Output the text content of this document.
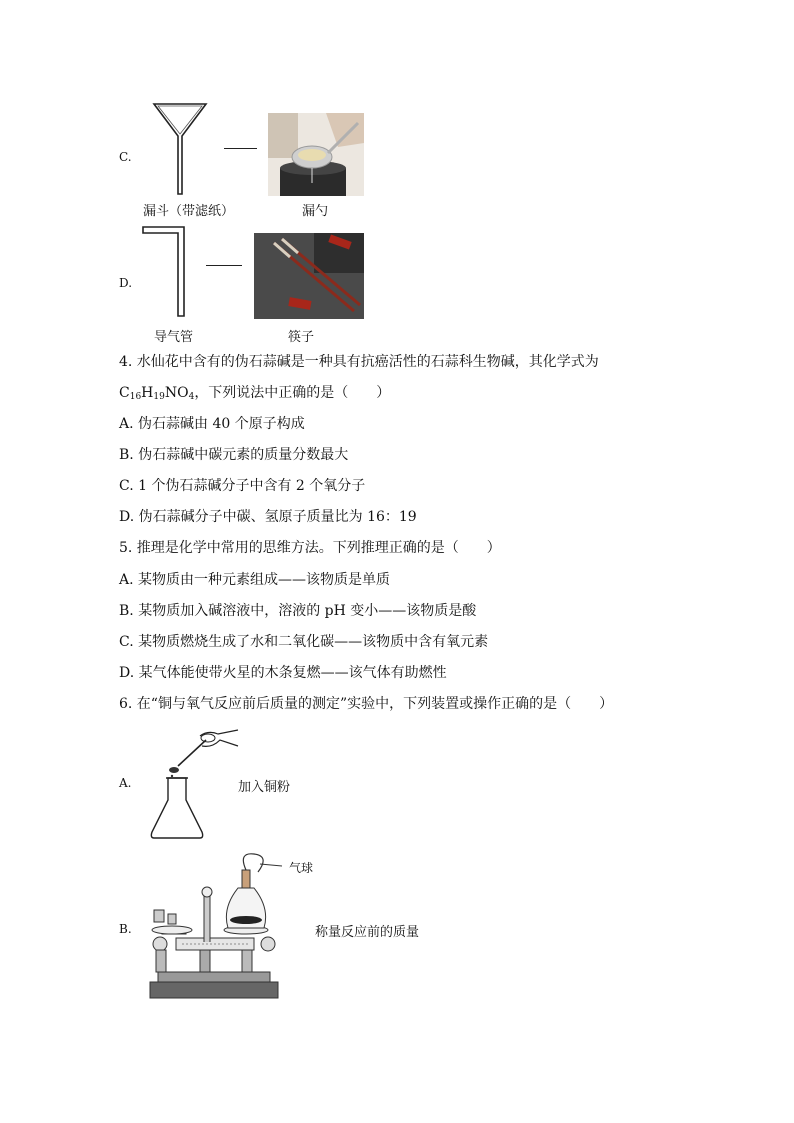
C.
漏斗（带滤纸）	漏勺
D.
导气管	筷子
4. 水仙花中含有的伪石蒜碱是一种具有抗癌活性的石蒜科生物碱，其化学式为
$C_{16}H_{19}NO_4$，下列说法中正确的是（　　）
A. 伪石蒜碱由 40 个原子构成
B. 伪石蒜碱中碳元素的质量分数最大
C. 1 个伪石蒜碱分子中含有 2 个氧分子
D. 伪石蒜碱分子中碳、氢原子质量比为 16：19
5. 推理是化学中常用的思维方法。下列推理正确的是（　　）
A. 某物质由一种元素组成——该物质是单质
B. 某物质加入碱溶液中，溶液的 pH 变小——该物质是酸
C. 某物质燃烧生成了水和二氧化碳——该物质中含有氧元素
D. 某气体能使带火星的木条复燃——该气体有助燃性
6. 在“铜与氧气反应前后质量的测定”实验中，下列装置或操作正确的是（　　）
A.	加入铜粉
B.
气球
称量反应前的质量
